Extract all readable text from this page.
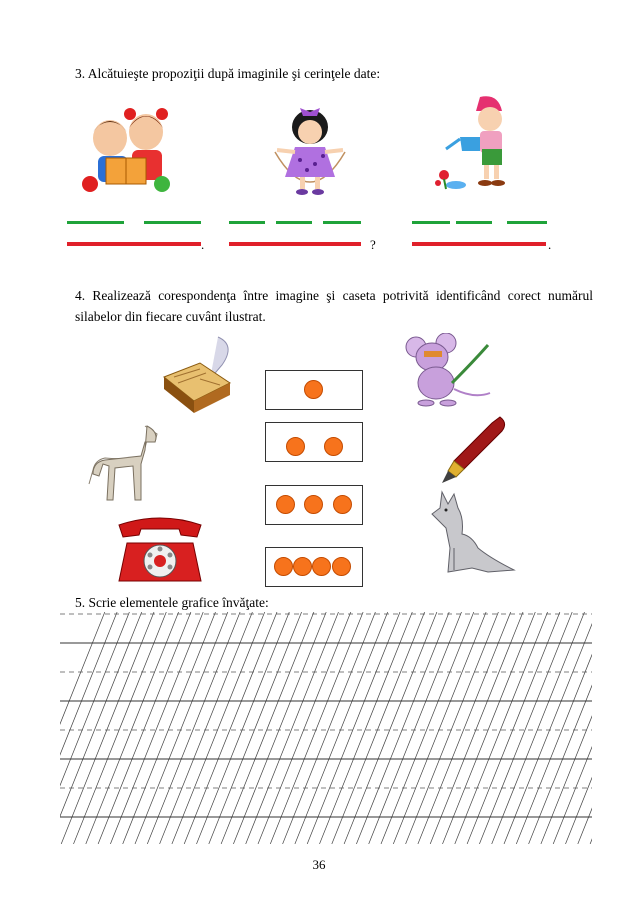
3. Alcătuieşte propoziţii după imaginile şi cerinţele date:
.	?	.
4. Realizează corespondenţa între imagine şi caseta potrivită identificând corect numărul
silabelor din fiecare cuvânt ilustrat.
5. Scrie elementele grafice învăţate:
36
